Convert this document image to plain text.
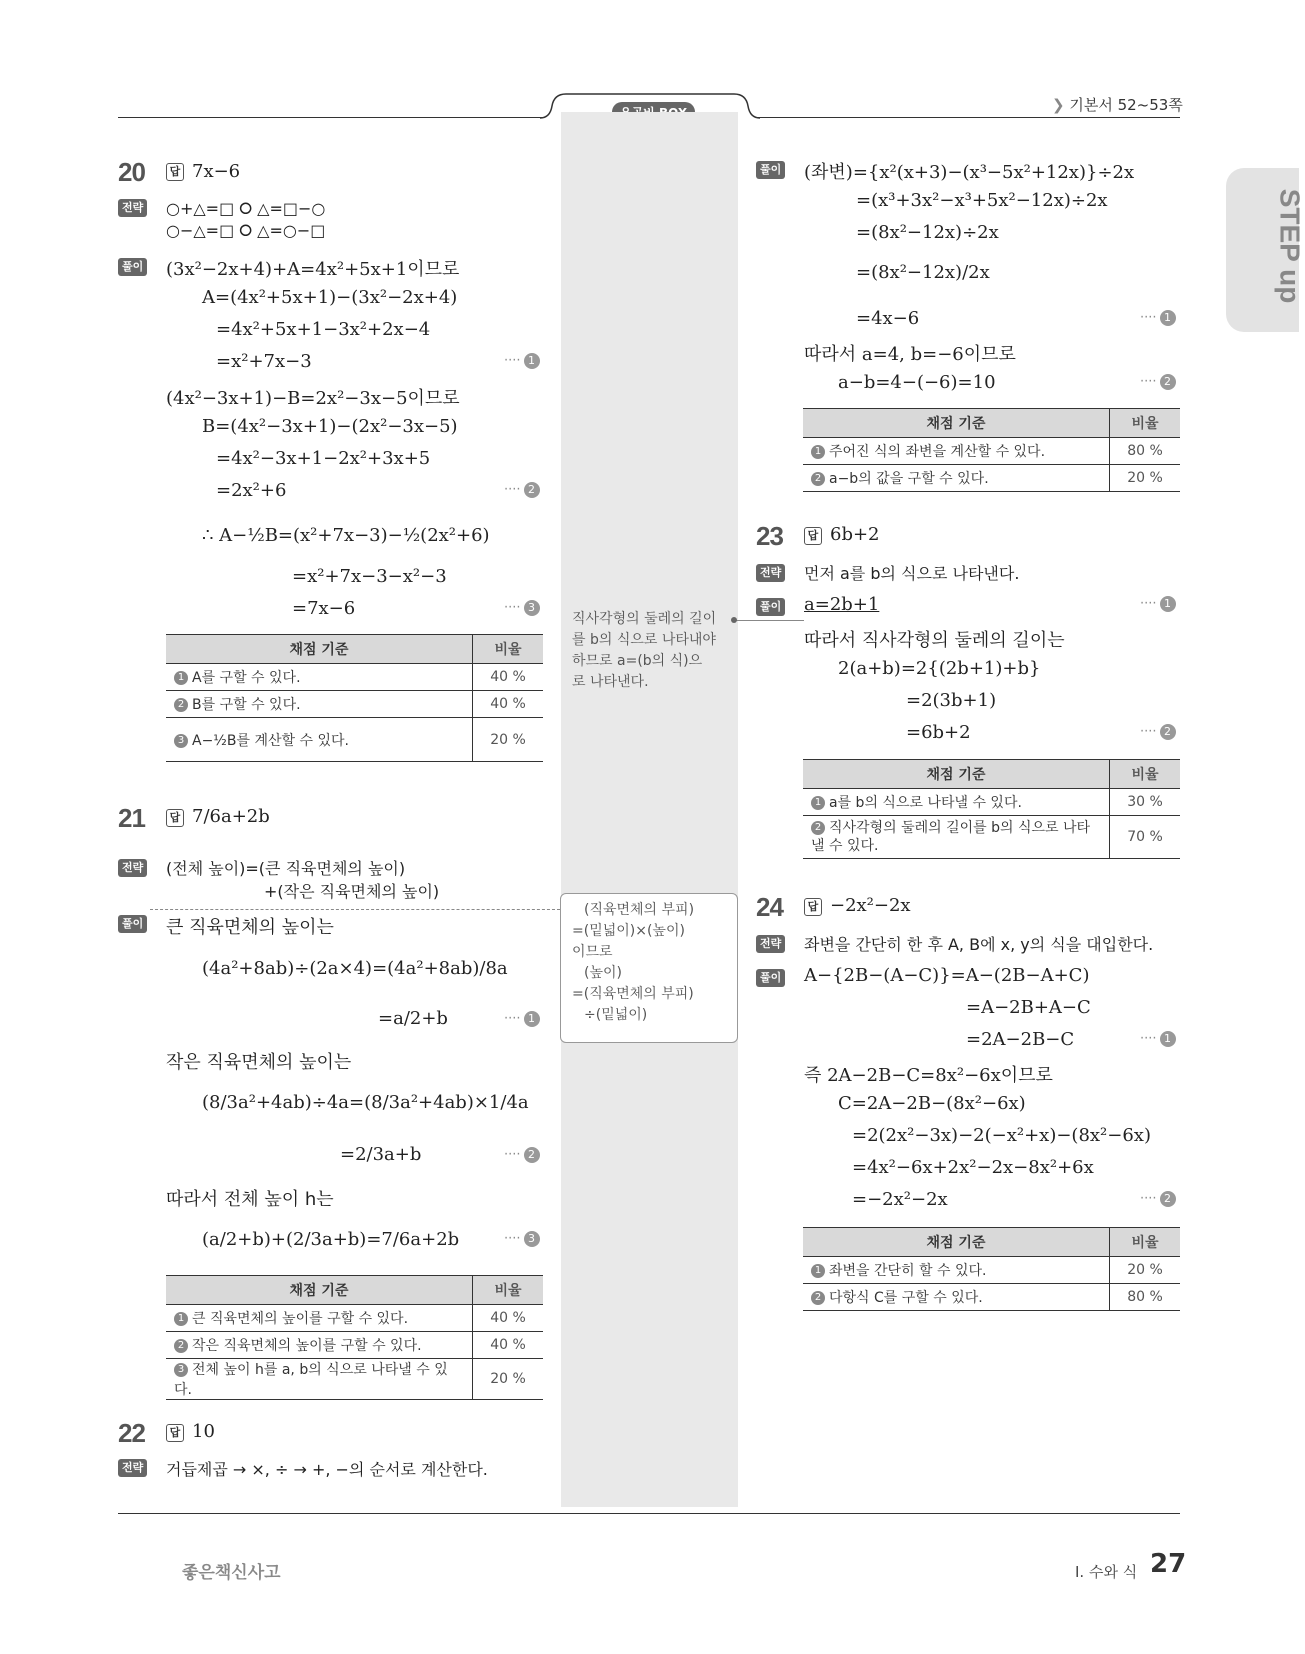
❯ 기본서 52~53쪽
STEP up
20	답 7x−6
전략 ○+△=□ ⭘ △=□−○
○−△=□ ⭘ △=○−□
풀이 (3x²−2x+4)+A=4x²+5x+1이므로
A=(4x²+5x+1)−(3x²−2x+4)
=4x²+5x+1−3x²+2x−4
=x²+7x−3	···· 1
(4x²−3x+1)−B=2x²−3x−5이므로
B=(4x²−3x+1)−(2x²−3x−5)
=4x²−3x+1−2x²+3x+5
=2x²+6	···· 2
∴ A−½B=(x²+7x−3)−½(2x²+6)
=x²+7x−3−x²−3
=7x−6	···· 3
채점 기준	비율
1 A를 구할 수 있다.	40 %
2 B를 구할 수 있다.	40 %
3 A−½B를 계산할 수 있다.	20 %
21	답 7/6a+2b
전략 (전체 높이)=(큰 직육면체의 높이)
+(작은 직육면체의 높이)
풀이 큰 직육면체의 높이는
(4a²+8ab)÷(2a×4)=(4a²+8ab)/8a
=a/2+b	···· 1
작은 직육면체의 높이는
(8/3a²+4ab)÷4a=(8/3a²+4ab)×1/4a
=2/3a+b	···· 2
따라서 전체 높이 h는
(a/2+b)+(2/3a+b)=7/6a+2b	···· 3
채점 기준	비율
1 큰 직육면체의 높이를 구할 수 있다.	40 %
2 작은 직육면체의 높이를 구할 수 있다.	40 %
3 전체 높이 h를 a, b의 식으로 나타낼 수 있다.	20 %
22	답 10
전략 거듭제곱 → ×, ÷ → +, −의 순서로 계산한다.
풀이 (좌변)={x²(x+3)−(x³−5x²+12x)}÷2x
=(x³+3x²−x³+5x²−12x)÷2x
=(8x²−12x)÷2x
=(8x²−12x)/2x
=4x−6	···· 1
따라서 a=4, b=−6이므로
a−b=4−(−6)=10	···· 2
채점 기준	비율
1 주어진 식의 좌변을 계산할 수 있다.	80 %
2 a−b의 값을 구할 수 있다.	20 %
23	답 6b+2
전략 먼저 a를 b의 식으로 나타낸다.
풀이 a=2b+1	···· 1
따라서 직사각형의 둘레의 길이는
2(a+b)=2{(2b+1)+b}
=2(3b+1)
=6b+2	···· 2
채점 기준	비율
1 a를 b의 식으로 나타낼 수 있다.	30 %
2 직사각형의 둘레의 길이를 b의 식으로 나타낼 수 있다.	70 %
24	답 −2x²−2x
전략 좌변을 간단히 한 후 A, B에 x, y의 식을 대입한다.
풀이 A−{2B−(A−C)}=A−(2B−A+C)
=A−2B+A−C
=2A−2B−C	···· 1
즉 2A−2B−C=8x²−6x이므로
C=2A−2B−(8x²−6x)
=2(2x²−3x)−2(−x²+x)−(8x²−6x)
=4x²−6x+2x²−2x−8x²+6x
=−2x²−2x	···· 2
채점 기준	비율
1 좌변을 간단히 할 수 있다.	20 %
2 다항식 C를 구할 수 있다.	80 %
직사각형의 둘레의 길이
를 b의 식으로 나타내야
하므로 a=(b의 식)으
로 나타낸다.
(직육면체의 부피)
=(밑넓이)×(높이)
이므로
(높이)
=(직육면체의 부피)
÷(밑넓이)
좋은책신사고	I. 수와 식 27
